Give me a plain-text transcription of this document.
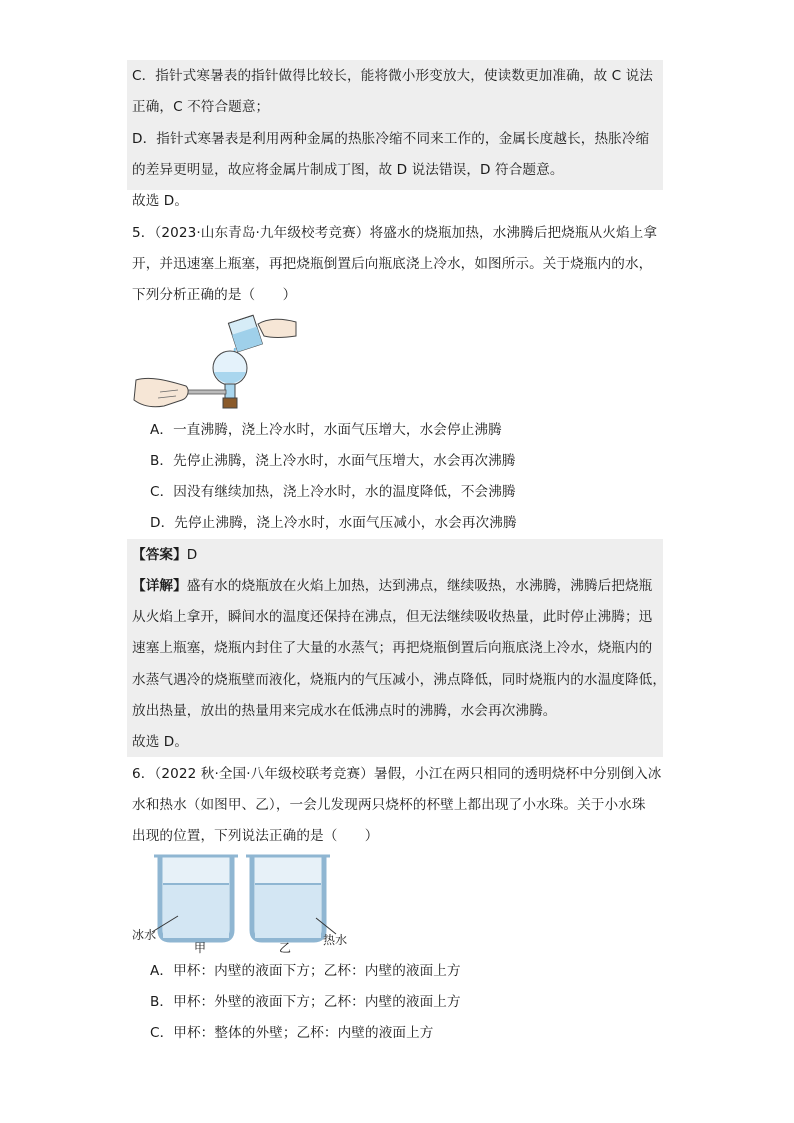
C．指针式寒暑表的指针做得比较长，能将微小形变放大，使读数更加准确，故 C 说法
正确，C 不符合题意；
D．指针式寒暑表是利用两种金属的热胀冷缩不同来工作的，金属长度越长，热胀冷缩
的差异更明显，故应将金属片制成丁图，故 D 说法错误，D 符合题意。
故选 D。
5．（2023·山东青岛·九年级校考竞赛）将盛水的烧瓶加热，水沸腾后把烧瓶从火焰上拿
开，并迅速塞上瓶塞，再把烧瓶倒置后向瓶底浇上冷水，如图所示。关于烧瓶内的水，
下列分析正确的是（　　）
A．一直沸腾，浇上冷水时，水面气压增大，水会停止沸腾
B．先停止沸腾，浇上冷水时，水面气压增大，水会再次沸腾
C．因没有继续加热，浇上冷水时，水的温度降低，不会沸腾
D．先停止沸腾，浇上冷水时，水面气压减小，水会再次沸腾
【答案】D
【详解】盛有水的烧瓶放在火焰上加热，达到沸点，继续吸热，水沸腾，沸腾后把烧瓶
从火焰上拿开，瞬间水的温度还保持在沸点，但无法继续吸收热量，此时停止沸腾；迅
速塞上瓶塞，烧瓶内封住了大量的水蒸气；再把烧瓶倒置后向瓶底浇上冷水，烧瓶内的
水蒸气遇冷的烧瓶壁而液化，烧瓶内的气压减小，沸点降低，同时烧瓶内的水温度降低，
放出热量，放出的热量用来完成水在低沸点时的沸腾，水会再次沸腾。
故选 D。
6．（2022 秋·全国·八年级校联考竞赛）暑假，小江在两只相同的透明烧杯中分别倒入冰
水和热水（如图甲、乙），一会儿发现两只烧杯的杯壁上都出现了小水珠。关于小水珠
出现的位置，下列说法正确的是（　　）
冰水
甲	乙
热水
A．甲杯：内壁的液面下方；乙杯：内壁的液面上方
B．甲杯：外壁的液面下方；乙杯：内壁的液面上方
C．甲杯：整体的外壁；乙杯：内壁的液面上方
